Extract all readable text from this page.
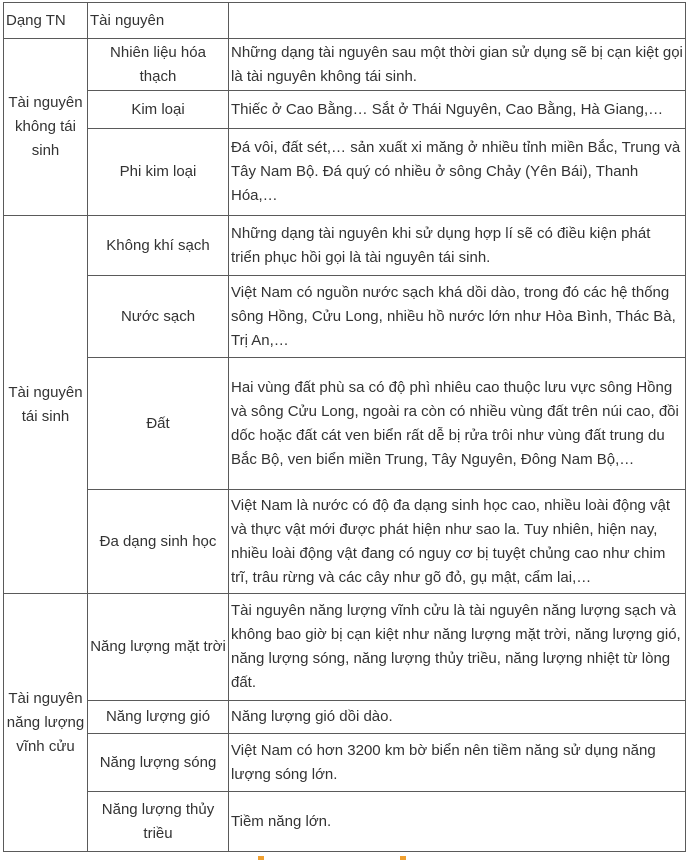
Dạng TN	Tài nguyên	
Tài nguyên không tái sinh	Nhiên liệu hóa thạch	Những dạng tài nguyên sau một thời gian sử dụng sẽ bị cạn kiệt gọi là tài nguyên không tái sinh.
	Kim loại	Thiếc ở Cao Bằng… Sắt ở Thái Nguyên, Cao Bằng, Hà Giang,…
	Phi kim loại	Đá vôi, đất sét,… sản xuất xi măng ở nhiều tỉnh miền Bắc, Trung và Tây Nam Bộ. Đá quý có nhiều ở sông Chảy (Yên Bái), Thanh Hóa,…
Tài nguyên tái sinh	Không khí sạch	Những dạng tài nguyên khi sử dụng hợp lí sẽ có điều kiện phát triển phục hồi gọi là tài nguyên tái sinh.
	Nước sạch	Việt Nam có nguồn nước sạch khá dồi dào, trong đó các hệ thống sông Hồng, Cửu Long, nhiều hồ nước lớn như Hòa Bình, Thác Bà, Trị An,…
	Đất	Hai vùng đất phù sa có độ phì nhiêu cao thuộc lưu vực sông Hồng và sông Cửu Long, ngoài ra còn có nhiều vùng đất trên núi cao, đồi dốc hoặc đất cát ven biển rất dễ bị rửa trôi như vùng đất trung du Bắc Bộ, ven biển miền Trung, Tây Nguyên, Đông Nam Bộ,…
	Đa dạng sinh học	Việt Nam là nước có độ đa dạng sinh học cao, nhiều loài động vật và thực vật mới được phát hiện như sao la. Tuy nhiên, hiện nay, nhiều loài động vật đang có nguy cơ bị tuyệt chủng cao như chim trĩ, trâu rừng và các cây như gõ đỏ, gụ mật, cẩm lai,…
Tài nguyên năng lượng vĩnh cửu	Năng lượng mặt trời	Tài nguyên năng lượng vĩnh cửu là tài nguyên năng lượng sạch và không bao giờ bị cạn kiệt như năng lượng mặt trời, năng lượng gió, năng lượng sóng, năng lượng thủy triều, năng lượng nhiệt từ lòng đất.
	Năng lượng gió	Năng lượng gió dồi dào.
	Năng lượng sóng	Việt Nam có hơn 3200 km bờ biển nên tiềm năng sử dụng năng lượng sóng lớn.
	Năng lượng thủy triều	Tiềm năng lớn.
